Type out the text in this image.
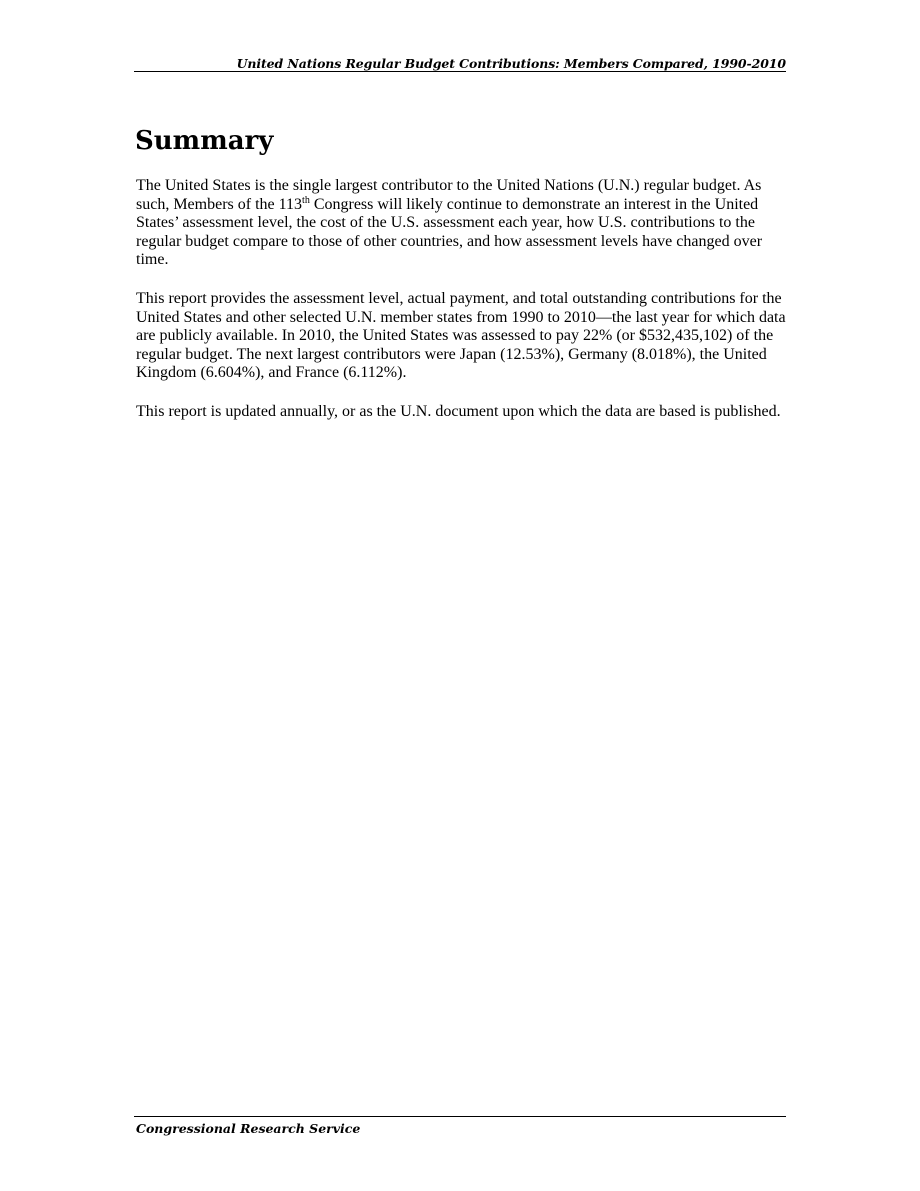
United Nations Regular Budget Contributions: Members Compared, 1990-2010
Summary

The United States is the single largest contributor to the United Nations (U.N.) regular budget. As such, Members of the 113th Congress will likely continue to demonstrate an interest in the United States’ assessment level, the cost of the U.S. assessment each year, how U.S. contributions to the regular budget compare to those of other countries, and how assessment levels have changed over time.

This report provides the assessment level, actual payment, and total outstanding contributions for the United States and other selected U.N. member states from 1990 to 2010—the last year for which data are publicly available. In 2010, the United States was assessed to pay 22% (or $532,435,102) of the regular budget. The next largest contributors were Japan (12.53%), Germany (8.018%), the United Kingdom (6.604%), and France (6.112%).

This report is updated annually, or as the U.N. document upon which the data are based is published.

Congressional Research Service
